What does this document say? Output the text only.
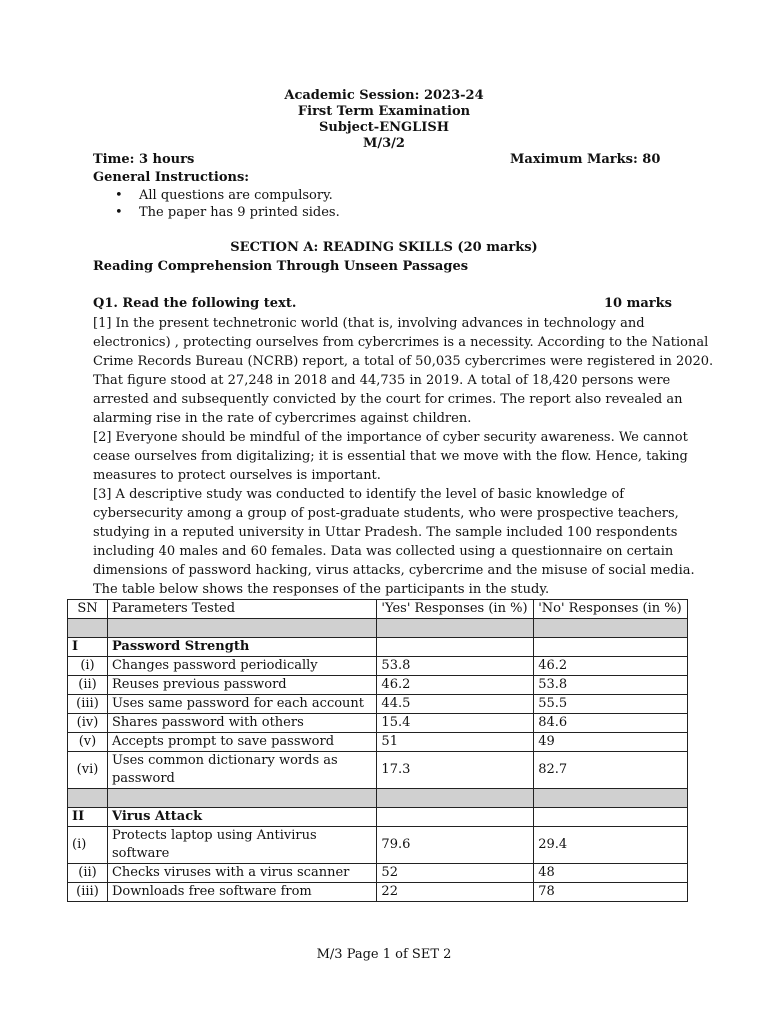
Academic Session: 2023-24
First Term Examination
Subject-ENGLISH
M/3/2
Time: 3 hours	Maximum Marks: 80
General Instructions:
• All questions are compulsory.
• The paper has 9 printed sides.
SECTION A: READING SKILLS (20 marks)
Reading Comprehension Through Unseen Passages
Q1. Read the following text.	10 marks
[1] In the present technetronic world (that is, involving advances in technology and
electronics) , protecting ourselves from cybercrimes is a necessity. According to the National
Crime Records Bureau (NCRB) report, a total of 50,035 cybercrimes were registered in 2020.
That figure stood at 27,248 in 2018 and 44,735 in 2019. A total of 18,420 persons were
arrested and subsequently convicted by the court for crimes. The report also revealed an
alarming rise in the rate of cybercrimes against children.
[2] Everyone should be mindful of the importance of cyber security awareness. We cannot
cease ourselves from digitalizing; it is essential that we move with the flow. Hence, taking
measures to protect ourselves is important.
[3] A descriptive study was conducted to identify the level of basic knowledge of
cybersecurity among a group of post-graduate students, who were prospective teachers,
studying in a reputed university in Uttar Pradesh. The sample included 100 respondents
including 40 males and 60 females. Data was collected using a questionnaire on certain
dimensions of password hacking, virus attacks, cybercrime and the misuse of social media.
The table below shows the responses of the participants in the study.
SN	Parameters Tested	'Yes' Responses (in %)	'No' Responses (in %)

I	Password Strength		
(i)	Changes password periodically	53.8	46.2
(ii)	Reuses previous password	46.2	53.8
(iii)	Uses same password for each account	44.5	55.5
(iv)	Shares password with others	15.4	84.6
(v)	Accepts prompt to save password	51	49
(vi)	Uses common dictionary words as
password	17.3	82.7

II	Virus Attack		
(i)	Protects laptop using Antivirus
software	79.6	29.4
(ii)	Checks viruses with a virus scanner	52	48
(iii)	Downloads free software from	22	78
M/3 Page 1 of SET 2
